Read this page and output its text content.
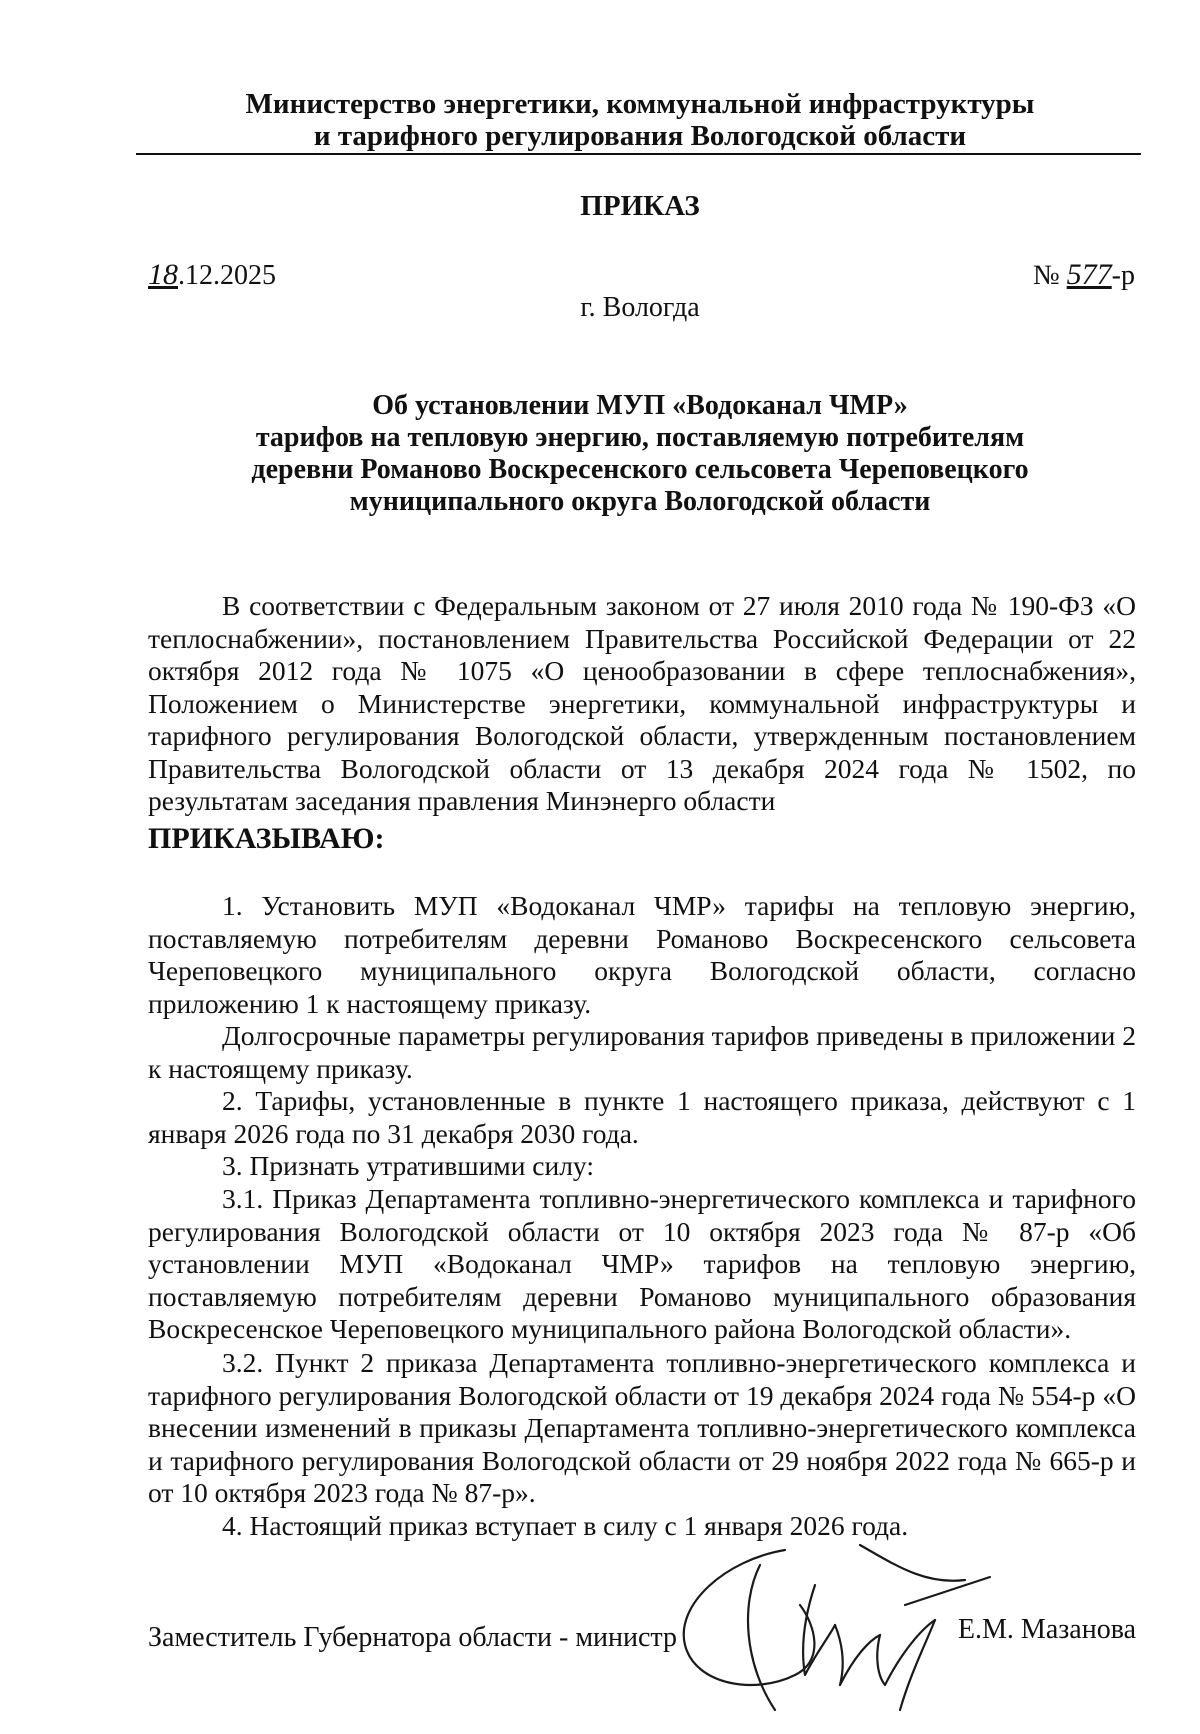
Министерство энергетики, коммунальной инфраструктуры
и тарифного регулирования Вологодской области
ПРИКАЗ
18.12.2025	№ 577-р
г. Вологда
Об установлении МУП «Водоканал ЧМР»
тарифов на тепловую энергию, поставляемую потребителям
деревни Романово Воскресенского сельсовета Череповецкого
муниципального округа Вологодской области

В соответствии с Федеральным законом от 27 июля 2010 года № 190-ФЗ «О теплоснабжении», постановлением Правительства Российской Федерации от 22 октября 2012 года № 1075 «О ценообразовании в сфере теплоснабжения», Положением о Министерстве энергетики, коммунальной инфраструктуры и тарифного регулирования Вологодской области, утвержденным постановлением Правительства Вологодской области от 13 декабря 2024 года № 1502, по результатам заседания правления Минэнерго области

ПРИКАЗЫВАЮ:

1. Установить МУП «Водоканал ЧМР» тарифы на тепловую энергию, поставляемую потребителям деревни Романово Воскресенского сельсовета Череповецкого муниципального округа Вологодской области, согласно приложению 1 к настоящему приказу.

Долгосрочные параметры регулирования тарифов приведены в приложении 2 к настоящему приказу.

2. Тарифы, установленные в пункте 1 настоящего приказа, действуют с 1 января 2026 года по 31 декабря 2030 года.

3. Признать утратившими силу:

3.1. Приказ Департамента топливно-энергетического комплекса и тарифного регулирования Вологодской области от 10 октября 2023 года № 87-р «Об установлении МУП «Водоканал ЧМР» тарифов на тепловую энергию, поставляемую потребителям деревни Романово муниципального образования Воскресенское Череповецкого муниципального района Вологодской области».

3.2. Пункт 2 приказа Департамента топливно-энергетического комплекса и тарифного регулирования Вологодской области от 19 декабря 2024 года № 554-р «О внесении изменений в приказы Департамента топливно-энергетического комплекса и тарифного регулирования Вологодской области от 29 ноября 2022 года № 665-р и от 10 октября 2023 года № 87-р».

4. Настоящий приказ вступает в силу с 1 января 2026 года.

Заместитель Губернатора области - министр	Е.М. Мазанова
